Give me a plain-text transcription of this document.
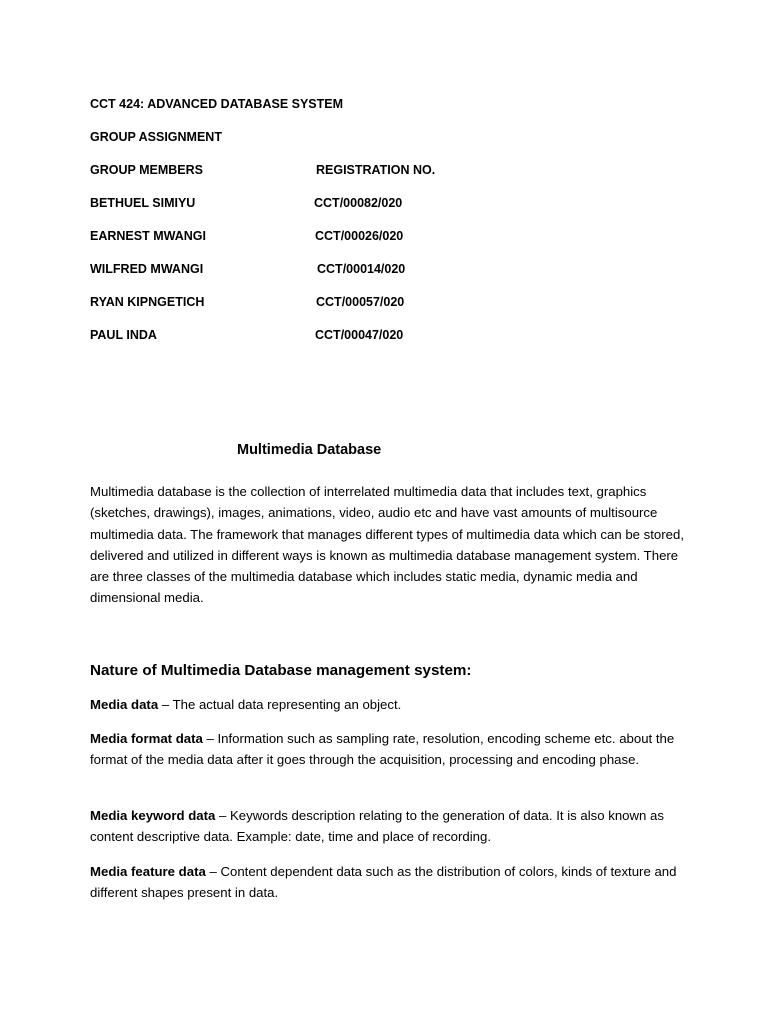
CCT 424: ADVANCED DATABASE SYSTEM
GROUP ASSIGNMENT
GROUP MEMBERS	REGISTRATION NO.
BETHUEL SIMIYU	CCT/00082/020
EARNEST MWANGI	CCT/00026/020
WILFRED MWANGI	CCT/00014/020
RYAN KIPNGETICH	CCT/00057/020
PAUL INDA	CCT/00047/020
Multimedia Database
Multimedia database is the collection of interrelated multimedia data that includes text, graphics (sketches, drawings), images, animations, video, audio etc and have vast amounts of multisource multimedia data. The framework that manages different types of multimedia data which can be stored, delivered and utilized in different ways is known as multimedia database management system. There are three classes of the multimedia database which includes static media, dynamic media and dimensional media.
Nature of Multimedia Database management system:
Media data – The actual data representing an object.
Media format data – Information such as sampling rate, resolution, encoding scheme etc. about the format of the media data after it goes through the acquisition, processing and encoding phase.
Media keyword data – Keywords description relating to the generation of data. It is also known as content descriptive data. Example: date, time and place of recording.
Media feature data – Content dependent data such as the distribution of colors, kinds of texture and different shapes present in data.
